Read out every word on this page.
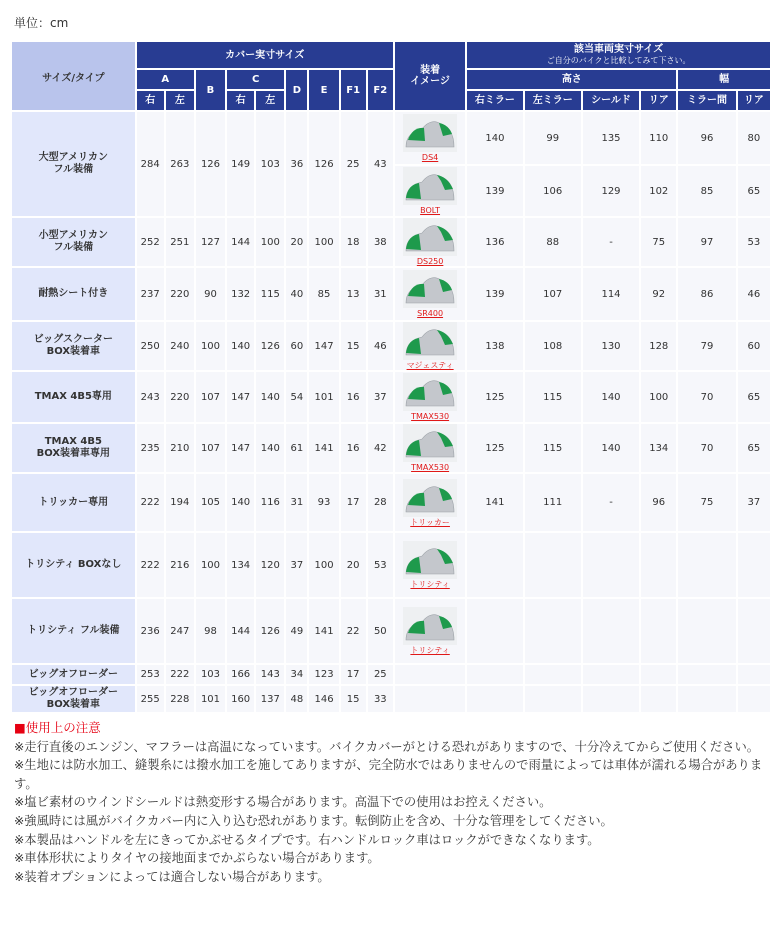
単位：cm
サイズ/タイプ	カバー実寸サイズ									装着
イメージ	該当車両実寸サイズ
ご自分のバイクと比較してみて下さい。					

	A		B	C		D	E	F1	F2		高さ				幅	
	右	左		右	左						右ミラー	左ミラー	シールド	リア	ミラー間	リア
大型アメリカン
フル装備	284	263	126	149	103	36	126	25	43	DS4	140	99	135	110	96	80

										BOLT	139	106	129	102	85	65
小型アメリカン
フル装備	252	251	127	144	100	20	100	18	38	DS250	136	88	-	75	97	53
耐熱シート付き	237	220	90	132	115	40	85	13	31	SR400	139	107	114	92	86	46
ビッグスクーター
BOX装着車	250	240	100	140	126	60	147	15	46	マジェスティ	138	108	130	128	79	60
TMAX 4B5専用	243	220	107	147	140	54	101	16	37	TMAX530	125	115	140	100	70	65
TMAX 4B5
BOX装着車専用	235	210	107	147	140	61	141	16	42	TMAX530	125	115	140	134	70	65
トリッカー専用	222	194	105	140	116	31	93	17	28	トリッカー	141	111	-	96	75	37
トリシティ BOXなし	222	216	100	134	120	37	100	20	53	トリシティ						

トリシティ フル装備	236	247	98	144	126	49	141	22	50	トリシティ						

ビッグオフローダー	253	222	103	166	143	34	123	17	25							
ビッグオフローダー
BOX装着車	255	228	101	160	137	48	146	15	33							

■使用上の注意

※走行直後のエンジン、マフラーは高温になっています。バイクカバーがとける恐れがありますので、十分冷えてからご使用ください。

※生地には防水加工、縫製糸には撥水加工を施してありますが、完全防水ではありませんので雨量によっては車体が濡れる場合があります。

※塩ビ素材のウインドシールドは熱変形する場合があります。高温下での使用はお控えください。

※強風時には風がバイクカバー内に入り込む恐れがあります。転倒防止を含め、十分な管理をしてください。

※本製品はハンドルを左にきってかぶせるタイプです。右ハンドルロック車はロックができなくなります。

※車体形状によりタイヤの接地面までかぶらない場合があります。

※装着オプションによっては適合しない場合があります。
